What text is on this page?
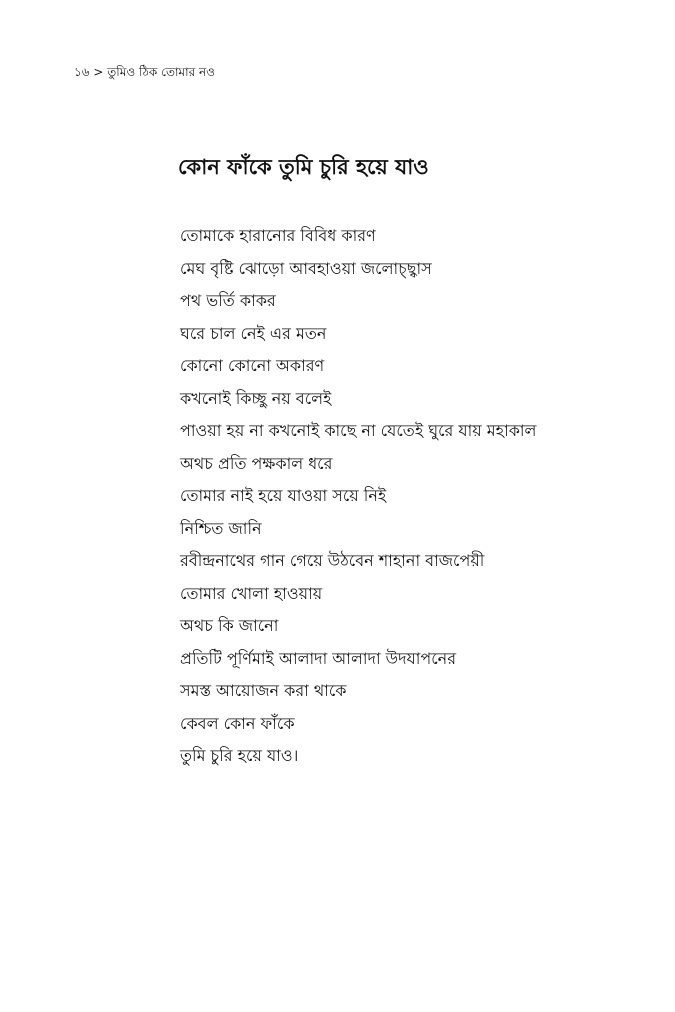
১৬ > তুমিও ঠিক তোমার নও
কোন ফাঁকে তুমি চুরি হয়ে যাও
তোমাকে হারানোর বিবিধ কারণ
মেঘ বৃষ্টি ঝোড়ো আবহাওয়া জলোচ্ছ্বাস
পথ ভর্তি কাকর
ঘরে চাল নেই এর মতন
কোনো কোনো অকারণ
কখনোই কিচ্ছু নয় বলেই
পাওয়া হয় না কখনোই কাছে না যেতেই ঘুরে যায় মহাকাল
অথচ প্রতি পক্ষকাল ধরে
তোমার নাই হয়ে যাওয়া সয়ে নিই
নিশ্চিত জানি
রবীন্দ্রনাথের গান গেয়ে উঠবেন শাহানা বাজপেয়ী
তোমার খোলা হাওয়ায়
অথচ কি জানো
প্রতিটি পূর্ণিমাই আলাদা আলাদা উদযাপনের
সমস্ত আয়োজন করা থাকে
কেবল কোন ফাঁকে
তুমি চুরি হয়ে যাও।
